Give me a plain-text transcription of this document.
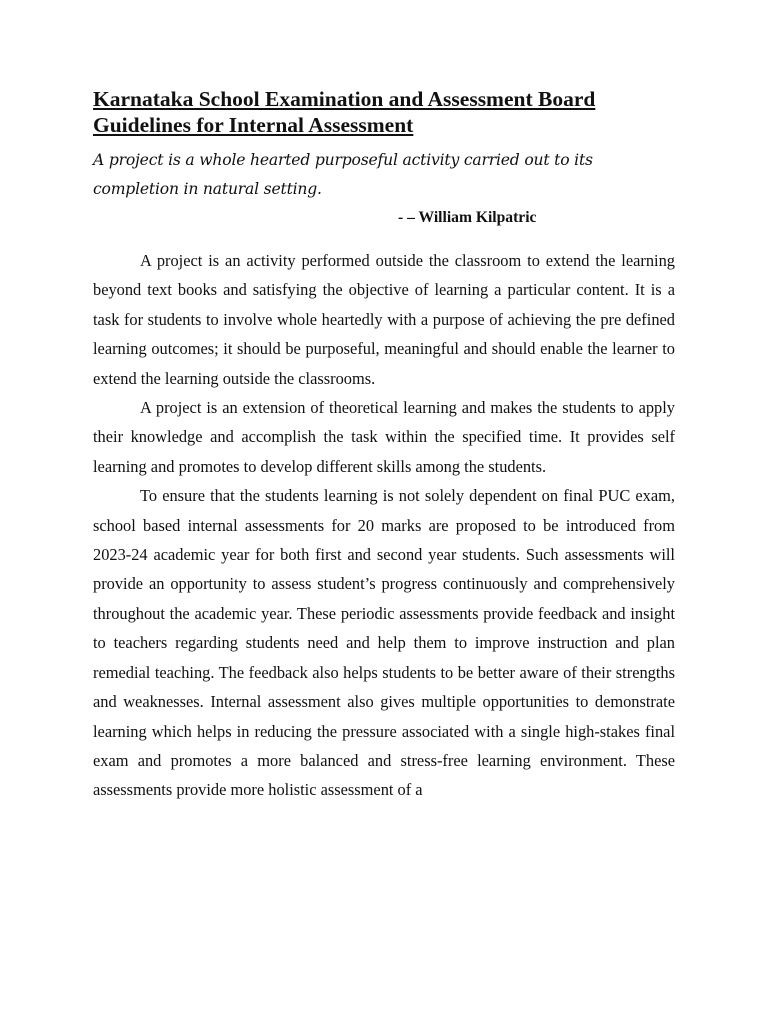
Karnataka School Examination and Assessment Board
Guidelines for Internal Assessment

A project is a whole hearted purposeful activity carried out to its completion in natural setting.

- – William Kilpatric

A project is an activity performed outside the classroom to extend the learning beyond text books and satisfying the objective of learning a particular content. It is a task for students to involve whole heartedly with a purpose of achieving the pre defined learning outcomes; it should be purposeful, meaningful and should enable the learner to extend the learning outside the classrooms.

A project is an extension of theoretical learning and makes the students to apply their knowledge and accomplish the task within the specified time. It provides self learning and promotes to develop different skills among the students.

To ensure that the students learning is not solely dependent on final PUC exam, school based internal assessments for 20 marks are proposed to be introduced from 2023-24 academic year for both first and second year students. Such assessments will provide an opportunity to assess student’s progress continuously and comprehensively throughout the academic year. These periodic assessments provide feedback and insight to teachers regarding students need and help them to improve instruction and plan remedial teaching. The feedback also helps students to be better aware of their strengths and weaknesses. Internal assessment also gives multiple opportunities to demonstrate learning which helps in reducing the pressure associated with a single high-stakes final exam and promotes a more balanced and stress-free learning environment. These assessments provide more holistic assessment of a
